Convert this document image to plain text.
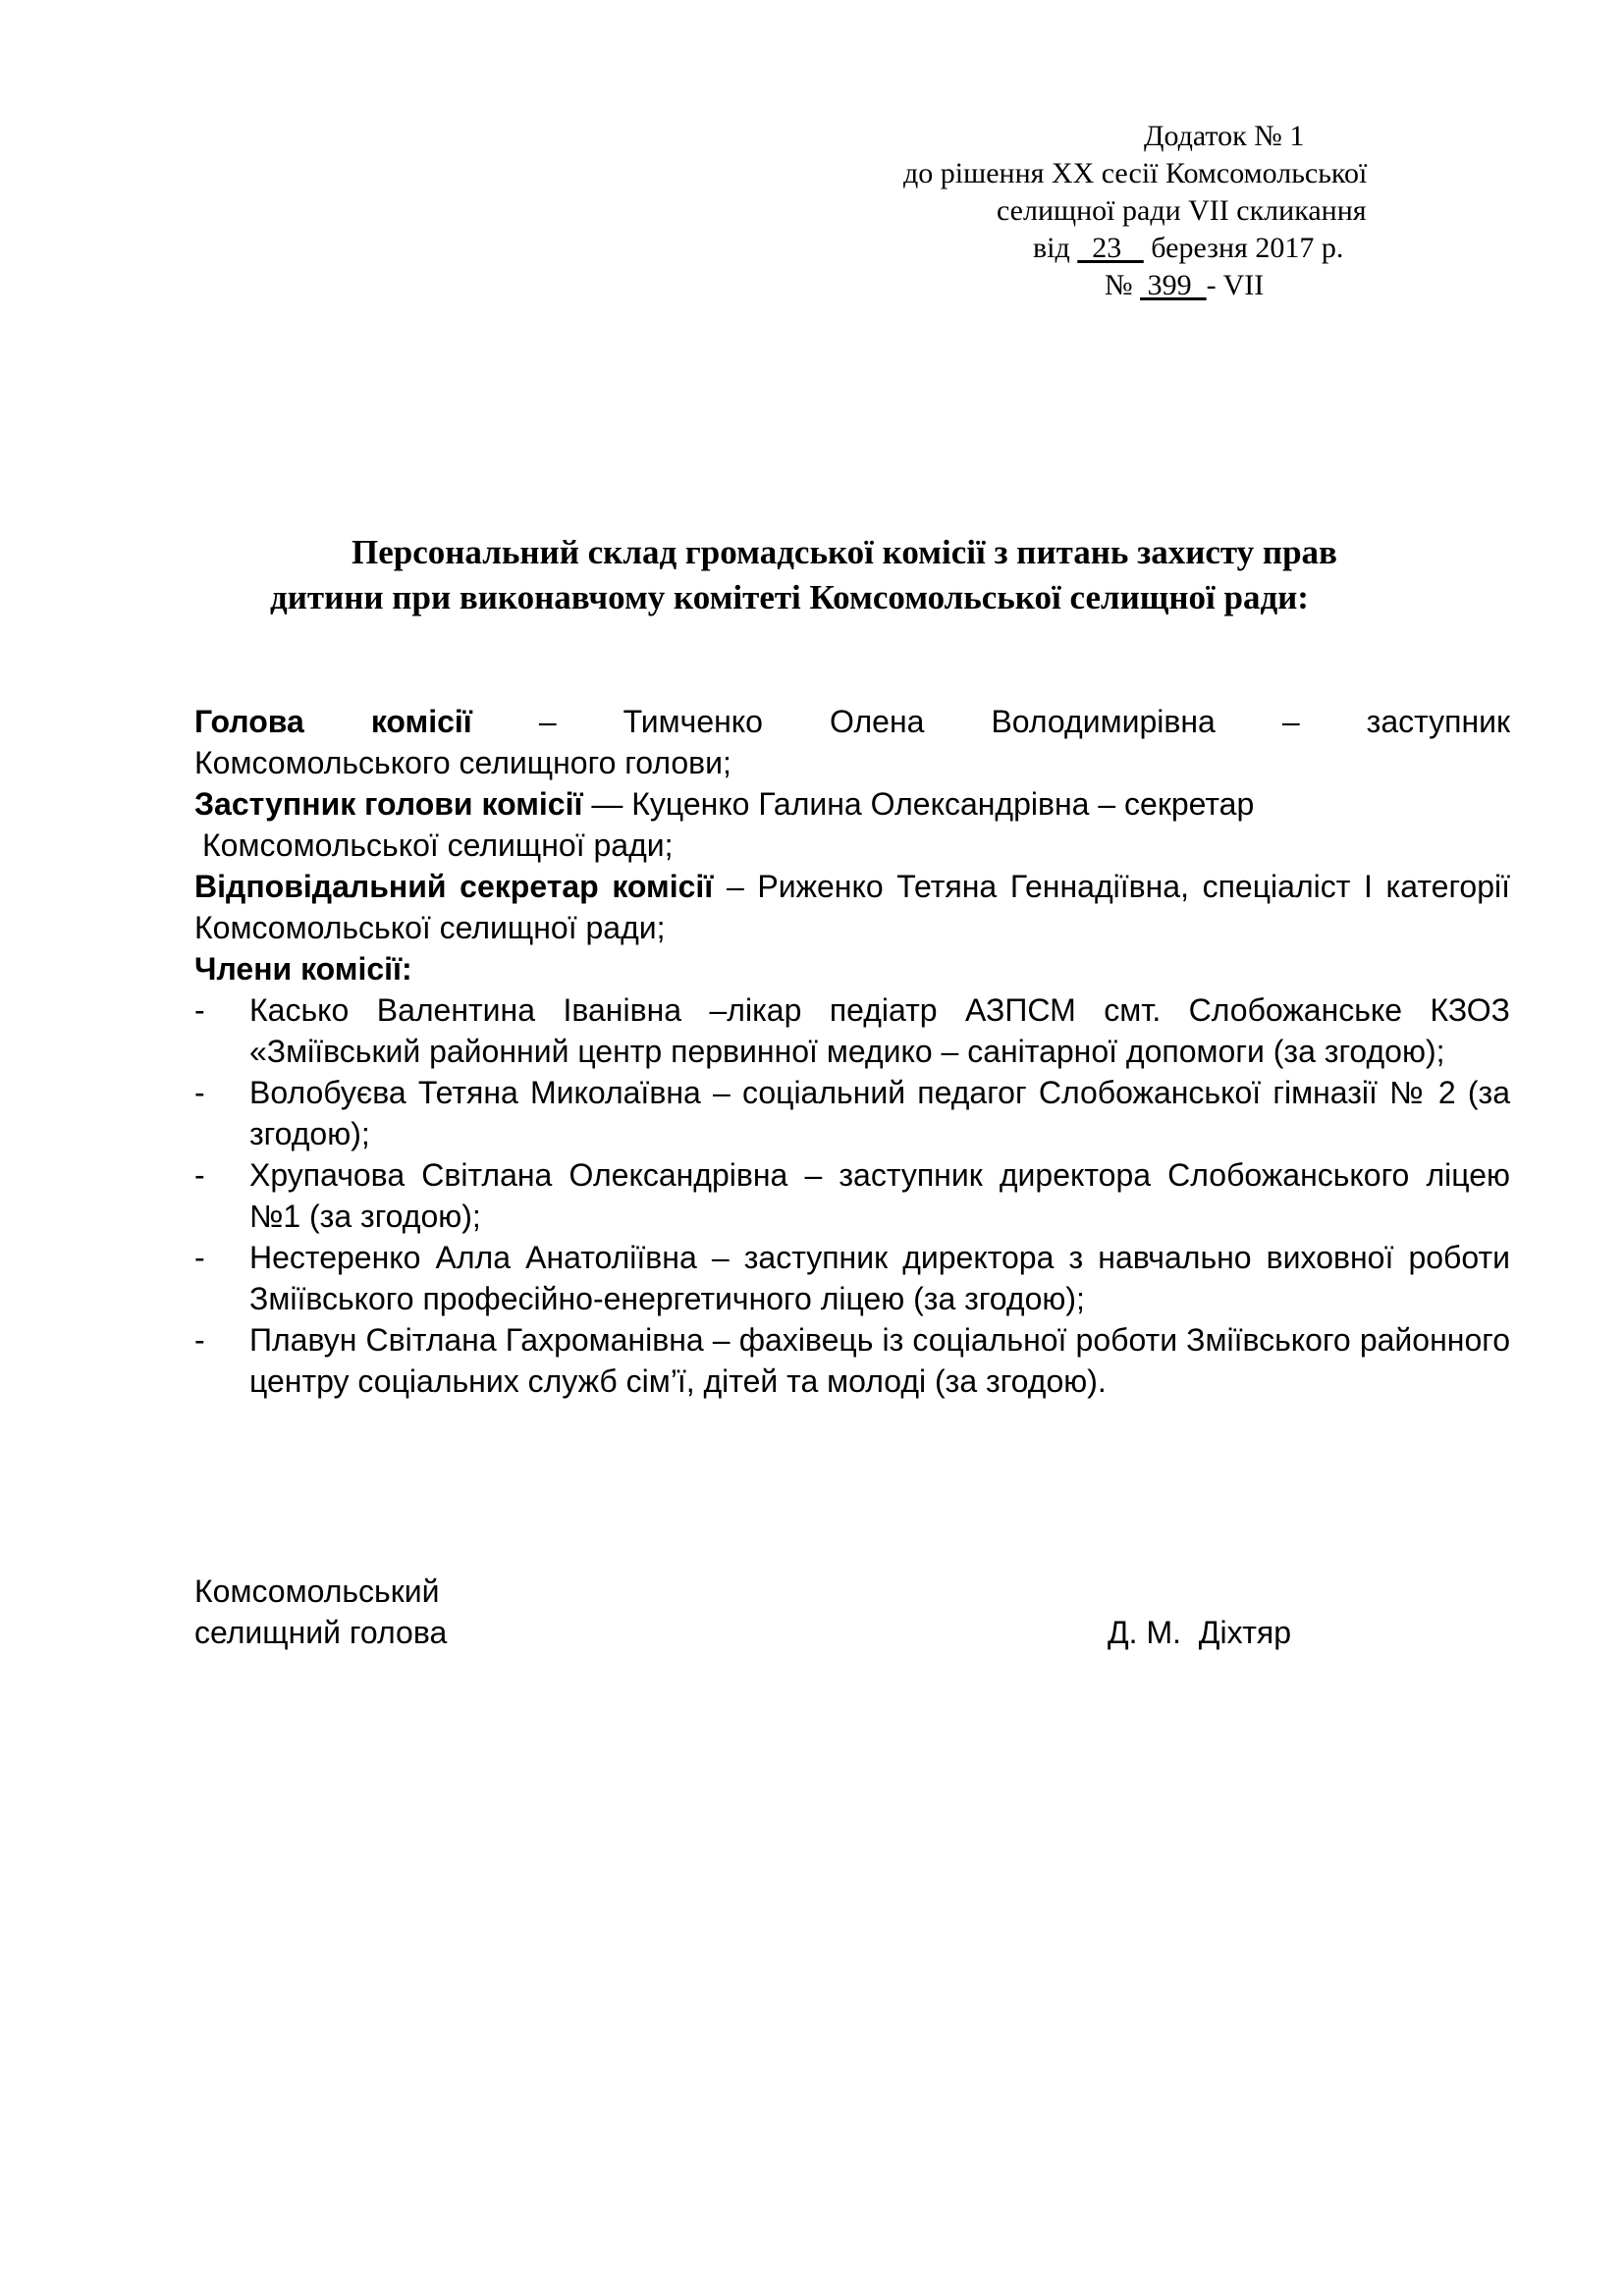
Додаток № 1
до рішення XX сесії Комсомольської
селищної ради VII скликання
від   23    березня 2017 р.
№  399  - VII
Персональний склад громадської комісії з питань захисту прав
дитини при виконавчому комітеті Комсомольської селищної ради:

Голова комісії – Тимченко Олена Володимирівна – заступник
Комсомольського селищного голови;

Заступник голови комісії — Куценко Галина Олександрівна – секретар
Комсомольської селищної ради;

Відповідальний секретар комісії – Риженко Тетяна Геннадіївна, спеціаліст І категорії Комсомольської селищної ради;

Члени комісії:

- Касько Валентина Іванівна –лікар педіатр АЗПСМ смт. Слобожанське КЗОЗ «Зміївський районний центр первинної медико – санітарної допомоги (за згодою);
- Волобуєва Тетяна Миколаївна – соціальний педагог Слобожанської гімназії № 2 (за згодою);
- Хрупачова Світлана Олександрівна – заступник директора Слобожанського ліцею №1 (за згодою);
- Нестеренко Алла Анатоліївна – заступник директора з навчально виховної роботи Зміївського професійно-енергетичного ліцею (за згодою);
- Плавун Світлана Гахроманівна – фахівець із соціальної роботи Зміївського районного центру соціальних служб сім’ї, дітей та молоді (за згодою).
Комсомольський
селищний голова	Д. М.  Діхтяр
